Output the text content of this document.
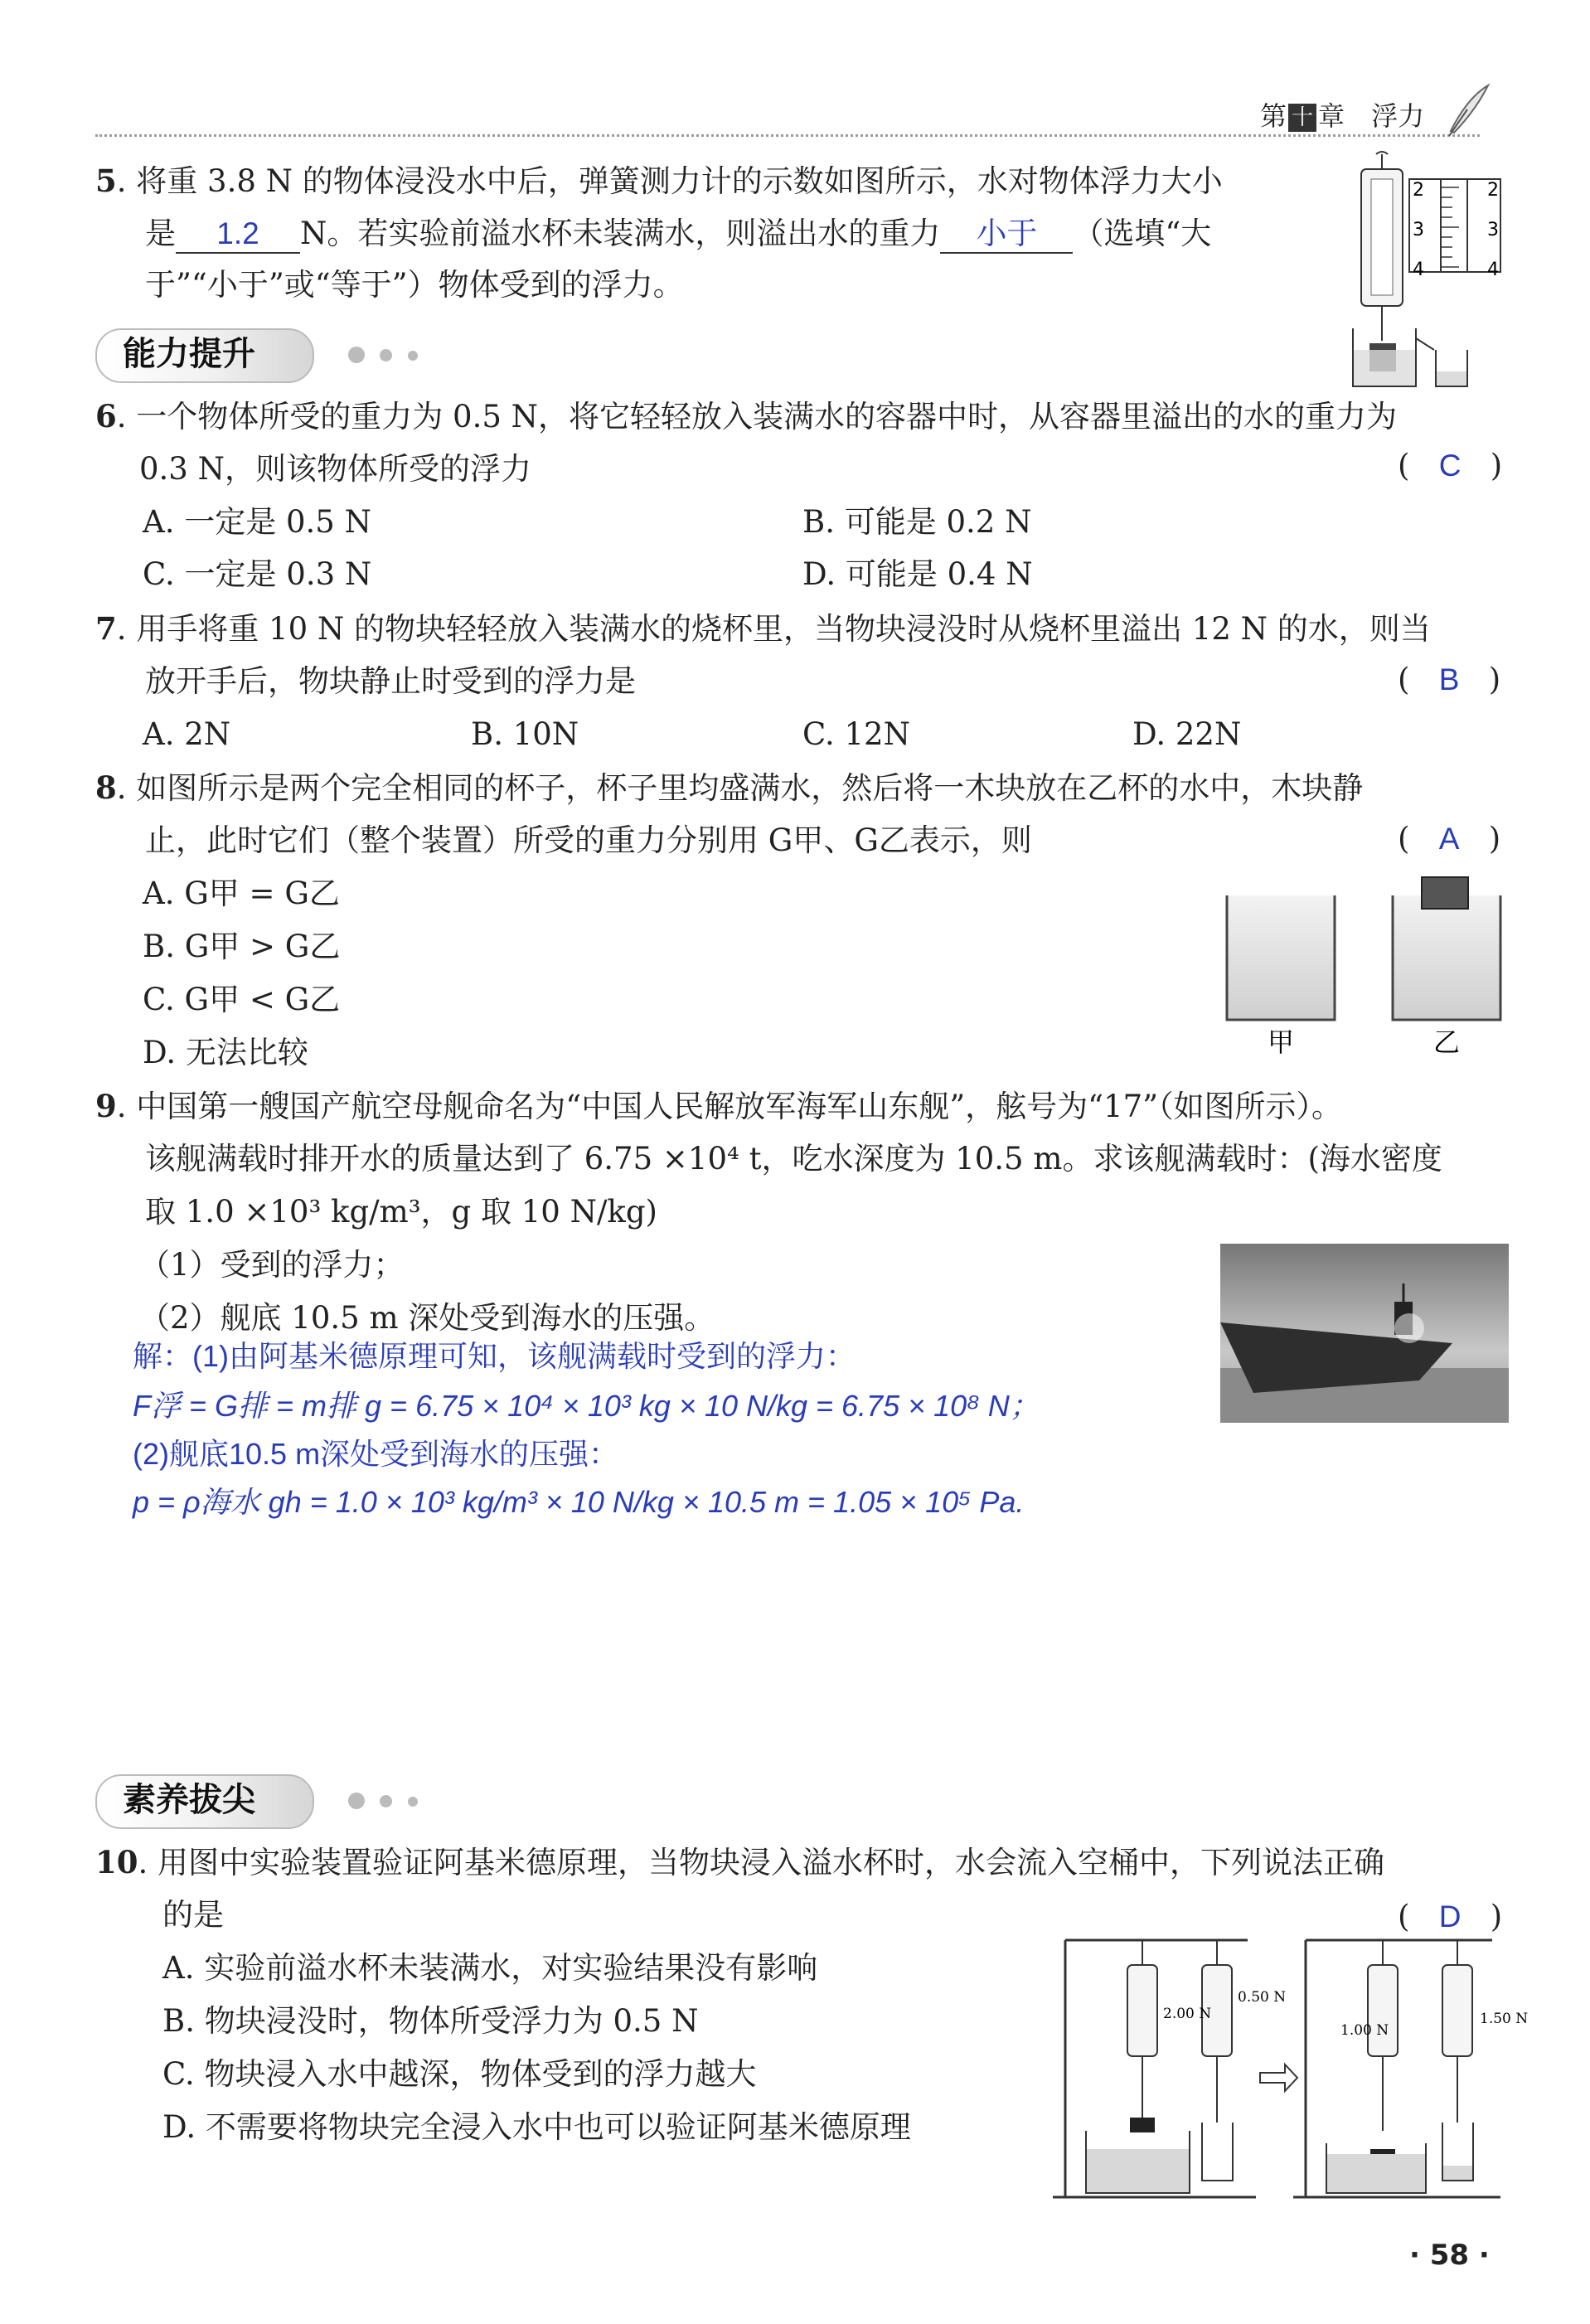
第 十 章 浮力
5. 将重 3.8 N 的物体浸没水中后，弹簧测力计的示数如图所示，水对物体浮力大小
是 1.2 N。若实验前溢水杯未装满水，则溢出水的重力 小于 （选填“大
于”“小于”或“等于”）物体受到的浮力。
2
3
4
2
3
4
能力提升
6. 一个物体所受的重力为 0.5 N，将它轻轻放入装满水的容器中时，从容器里溢出的水的重力为
0.3 N，则该物体所受的浮力	(   C   )
A. 一定是 0.5 N	B. 可能是 0.2 N
C. 一定是 0.3 N	D. 可能是 0.4 N
7. 用手将重 10 N 的物块轻轻放入装满水的烧杯里，当物块浸没时从烧杯里溢出 12 N 的水，则当
放开手后，物块静止时受到的浮力是	(   B   )
A. 2N	B. 10N	C. 12N	D. 22N
8. 如图所示是两个完全相同的杯子，杯子里均盛满水，然后将一木块放在乙杯的水中，木块静
止，此时它们（整个装置）所受的重力分别用 G甲、G乙表示，则	(   A   )
A. G甲 = G乙
B. G甲 > G乙
C. G甲 < G乙
D. 无法比较	甲	乙
9. 中国第一艘国产航空母舰命名为“中国人民解放军海军山东舰”，舷号为“17”（如图所示）。
该舰满载时排开水的质量达到了 6.75 ×10⁴ t，吃水深度为 10.5 m。求该舰满载时：(海水密度
取 1.0 ×10³ kg/m³，g 取 10 N/kg)
（1）受到的浮力；
（2）舰底 10.5 m 深处受到海水的压强。
解：(1)由阿基米德原理可知，该舰满载时受到的浮力：
F浮 = G排 = m排 g = 6.75 × 10⁴ × 10³ kg × 10 N/kg = 6.75 × 10⁸ N；
(2)舰底10.5 m深处受到海水的压强：
p = ρ海水 gh = 1.0 × 10³ kg/m³ × 10 N/kg × 10.5 m = 1.05 × 10⁵ Pa.
素养拔尖
10. 用图中实验装置验证阿基米德原理，当物块浸入溢水杯时，水会流入空桶中，下列说法正确
的是	(   D   )
A. 实验前溢水杯未装满水，对实验结果没有影响
B. 物块浸没时，物体所受浮力为 0.5 N
C. 物块浸入水中越深，物体受到的浮力越大
D. 不需要将物块完全浸入水中也可以验证阿基米德原理
2.00 N
0.50 N
1.00 N
1.50 N
· 58 ·
